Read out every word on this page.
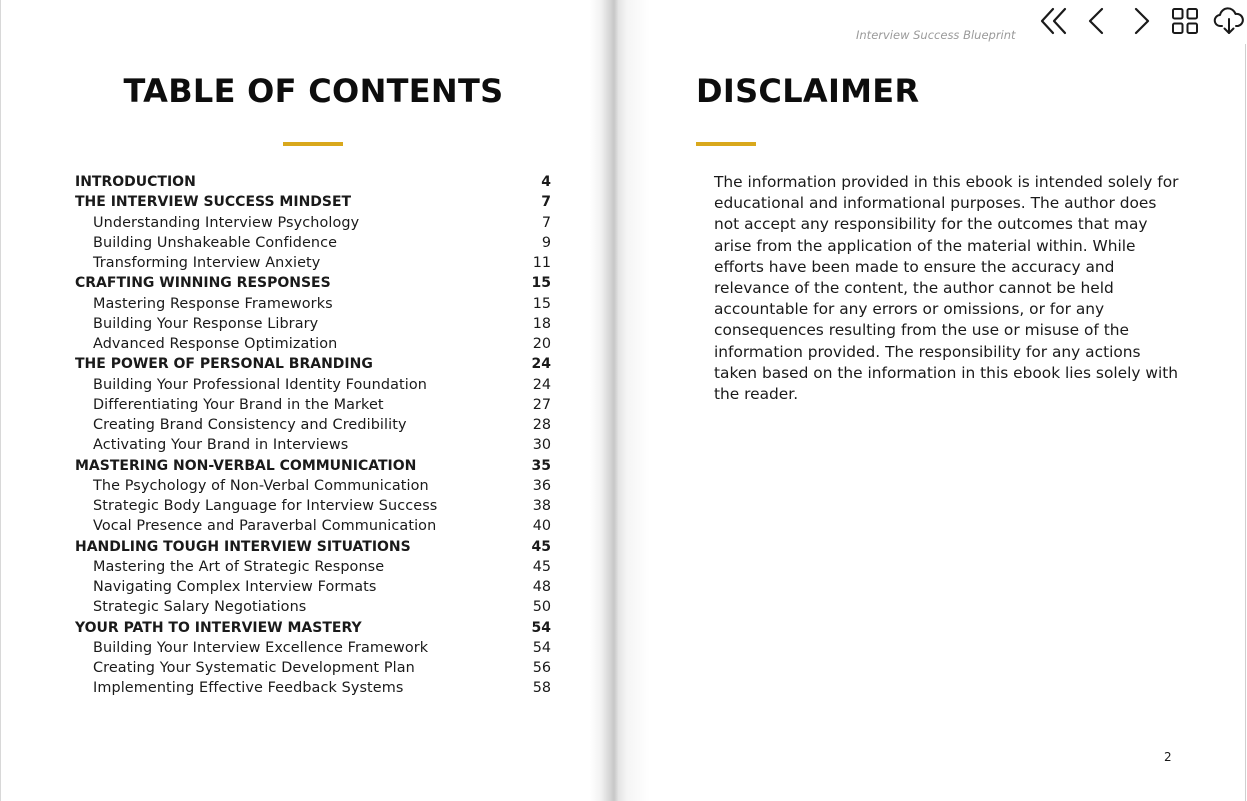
TABLE OF CONTENTS
INTRODUCTION	4
THE INTERVIEW SUCCESS MINDSET	7
Understanding Interview Psychology	7
Building Unshakeable Confidence	9
Transforming Interview Anxiety	11
CRAFTING WINNING RESPONSES	15
Mastering Response Frameworks	15
Building Your Response Library	18
Advanced Response Optimization	20
THE POWER OF PERSONAL BRANDING	24
Building Your Professional Identity Foundation	24
Differentiating Your Brand in the Market	27
Creating Brand Consistency and Credibility	28
Activating Your Brand in Interviews	30
MASTERING NON-VERBAL COMMUNICATION	35
The Psychology of Non-Verbal Communication	36
Strategic Body Language for Interview Success	38
Vocal Presence and Paraverbal Communication	40
HANDLING TOUGH INTERVIEW SITUATIONS	45
Mastering the Art of Strategic Response	45
Navigating Complex Interview Formats	48
Strategic Salary Negotiations	50
YOUR PATH TO INTERVIEW MASTERY	54
Building Your Interview Excellence Framework	54
Creating Your Systematic Development Plan	56
Implementing Effective Feedback Systems	58
Interview Success Blueprint
DISCLAIMER

The information provided in this ebook is intended solely for educational and informational purposes. The author does not accept any responsibility for the outcomes that may arise from the application of the material within. While efforts have been made to ensure the accuracy and relevance of the content, the author cannot be held accountable for any errors or omissions, or for any consequences resulting from the use or misuse of the information provided. The responsibility for any actions taken based on the information in this ebook lies solely with the reader.

2
